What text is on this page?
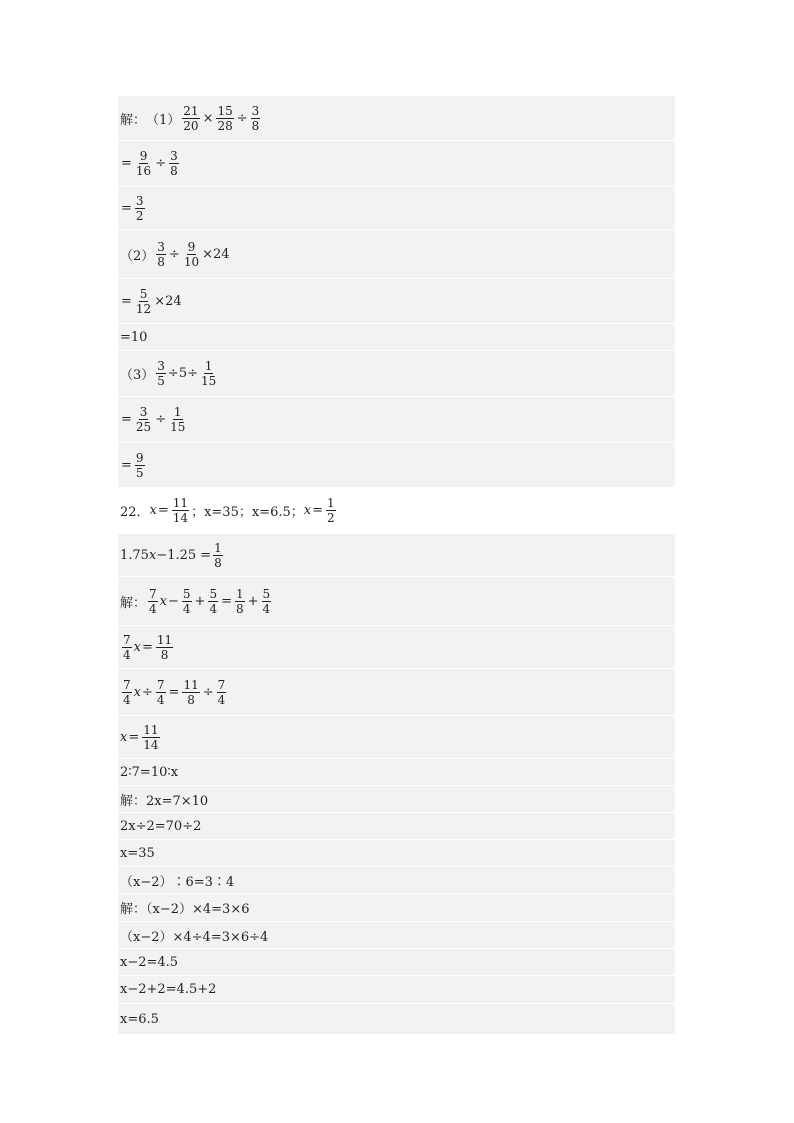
解： $(1) \frac{21}{20} \times \frac{15}{28} \div \frac{3}{8}$
= $\frac{9}{16} \div \frac{3}{8}$
= $\frac{3}{2}$
$(2) \frac{3}{8} \div \frac{9}{10} \times 24$
= $\frac{5}{12} \times 24$
=10
$(3) \frac{3}{5} \div 5\div \frac{1}{15}$
= $\frac{3}{25} \div \frac{1}{15}$
= $\frac{9}{5}$
22． $x = \frac{11}{14}$ ；x=35；x=6.5； $x = \frac{1}{2}$
1.75 $x -1.25 = \frac{1}{8}$
解： $\frac{7}{4}$ $x - \frac{5}{4} + \frac{5}{4} = \frac{1}{8} + \frac{5}{4}$
$\frac{7}{4}$ $x = \frac{11}{8}$
$\frac{7}{4}$ $x \div \frac{7}{4} = \frac{11}{8} \div \frac{7}{4}$
$x = \frac{11}{14}$
2∶7=10∶x
解：2x=7×10
2x÷2=70÷2
x=35
（x−2）∶6=3∶4
解：（x−2）×4=3×6
（x−2）×4÷4=3×6÷4
x−2=4.5
x−2+2=4.5+2
x=6.5
